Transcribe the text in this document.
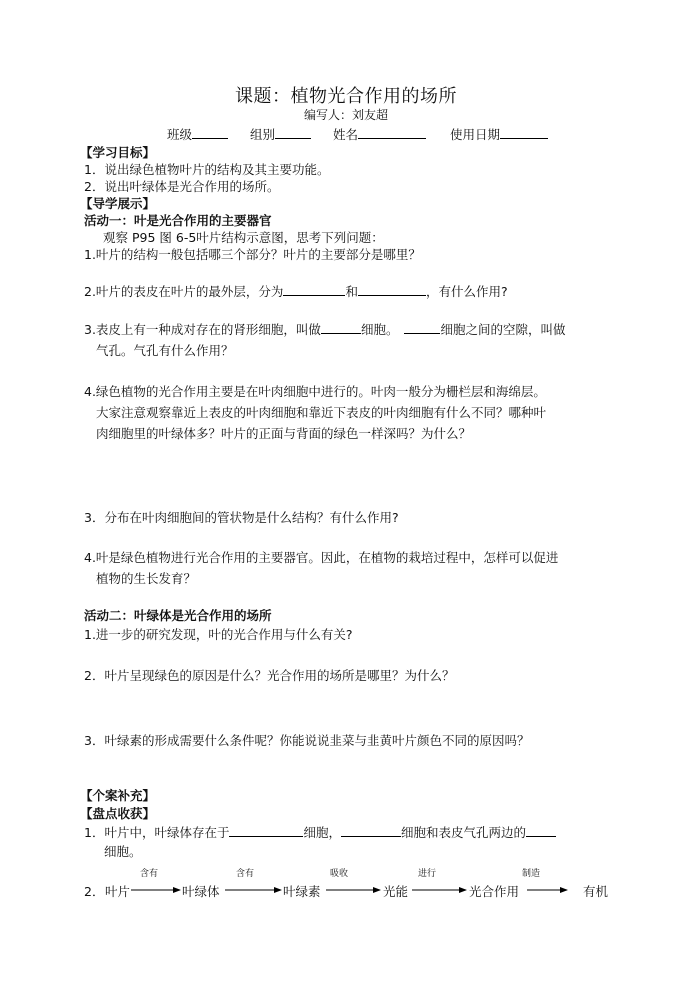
课题：植物光合作用的场所
编写人：刘友超
班级	组别	姓名	使用日期
【学习目标】
1．说出绿色植物叶片的结构及其主要功能。
2．说出叶绿体是光合作用的场所。
【导学展示】
活动一：叶是光合作用的主要器官
观察 P95 图 6-5叶片结构示意图，思考下列问题：
1.叶片的结构一般包括哪三个部分？叶片的主要部分是哪里？
2.叶片的表皮在叶片的最外层，分为	和	，有什么作用?
3.表皮上有一种成对存在的肾形细胞，叫做	细胞。	细胞之间的空隙，叫做
气孔。气孔有什么作用？
4.绿色植物的光合作用主要是在叶肉细胞中进行的。叶肉一般分为栅栏层和海绵层。
大家注意观察靠近上表皮的叶肉细胞和靠近下表皮的叶肉细胞有什么不同？哪种叶
肉细胞里的叶绿体多？叶片的正面与背面的绿色一样深吗？为什么？
3．分布在叶肉细胞间的管状物是什么结构？有什么作用?
4.叶是绿色植物进行光合作用的主要器官。因此，在植物的栽培过程中，怎样可以促进
植物的生长发育？
活动二：叶绿体是光合作用的场所
1.进一步的研究发现，叶的光合作用与什么有关?
2．叶片呈现绿色的原因是什么？光合作用的场所是哪里？为什么？
3．叶绿素的形成需要什么条件呢？你能说说韭菜与韭黄叶片颜色不同的原因吗？
【个案补充】
【盘点收获】
1．叶片中，叶绿体存在于	细胞，	细胞和表皮气孔两边的
细胞。
2． 叶片	叶绿体	叶绿素	光能	光合作用	有机
含有	含有	吸收	进行	制造
